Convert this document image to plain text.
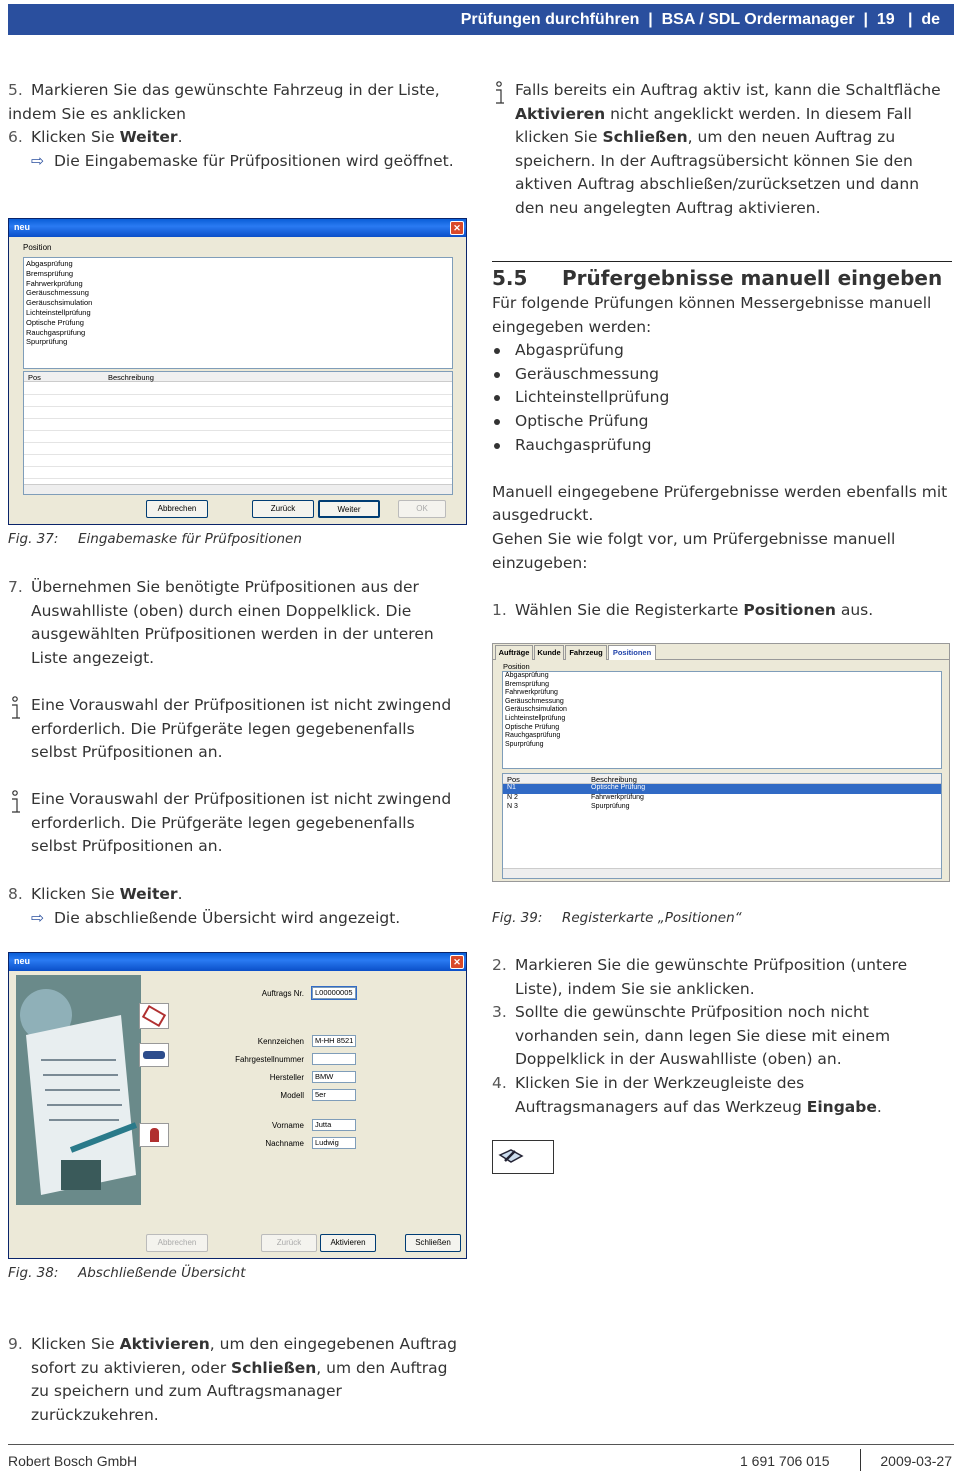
Prüfungen durchführen  |  BSA / SDL Ordermanager  |  19   |  de
5. Markieren Sie das gewünschte Fahrzeug in der Liste, indem Sie es anklicken
6. Klicken Sie Weiter.
⇨ Die Eingabemaske für Prüfpositionen wird geöffnet.
neu	✕
Position
Abgasprüfung
Bremsprüfung
Fahrwerkprüfung
Geräuschmessung
Geräuschsimulation
Lichteinstellprüfung
Optische Prüfung
Rauchgasprüfung
Spurprüfung
Pos	Beschreibung
Abbrechen	Zurück	Weiter	OK
Fig. 37: Eingabemaske für Prüfpositionen
7. Übernehmen Sie benötigte Prüfpositionen aus der Auswahlliste (oben) durch einen Doppelklick. Die ausgewählten Prüfpositionen werden in der unteren Liste angezeigt.
Eine Vorauswahl der Prüfpositionen ist nicht zwingend erforderlich. Die Prüfgeräte legen gegebenenfalls selbst Prüfpositionen an.
Eine Vorauswahl der Prüfpositionen ist nicht zwingend erforderlich. Die Prüfgeräte legen gegebenenfalls selbst Prüfpositionen an.
8. Klicken Sie Weiter.
⇨ Die abschließende Übersicht wird angezeigt.
neu	✕
Auftrags Nr.	L00000005
Kennzeichen	M-HH 8521
Fahrgestellnummer
Hersteller	BMW
Modell	5er
Vorname	Jutta
Nachname	Ludwig
Abbrechen	Zurück	Aktivieren	Schließen
Fig. 38: Abschließende Übersicht
9. Klicken Sie Aktivieren, um den eingegebenen Auftrag sofort zu aktivieren, oder Schließen, um den Auftrag zu speichern und zum Auftragsmanager zurückzukehren.
Falls bereits ein Auftrag aktiv ist, kann die Schaltfläche Aktivieren nicht angeklickt werden. In diesem Fall klicken Sie Schließen, um den neuen Auftrag zu speichern. In der Auftragsübersicht können Sie den aktiven Auftrag abschließen/zurücksetzen und dann den neu angelegten Auftrag aktivieren.
5.5 Prüfergebnisse manuell eingeben
Für folgende Prüfungen können Messergebnisse manuell eingegeben werden:
Abgasprüfung
Geräuschmessung
Lichteinstellprüfung
Optische Prüfung
Rauchgasprüfung
Manuell eingegebene Prüfergebnisse werden ebenfalls mit ausgedruckt.
Gehen Sie wie folgt vor, um Prüfergebnisse manuell einzugeben:
1. Wählen Sie die Registerkarte Positionen aus.
Aufträge	Kunde	Fahrzeug	Positionen
Position
Abgasprüfung
Bremsprüfung
Fahrwerkprüfung
Geräuschmessung
Geräuschsimulation
Lichteinstellprüfung
Optische Prüfung
Rauchgasprüfung
Spurprüfung
Pos	Beschreibung
N1	Optische Prüfung
N 2	Fahrwerkprüfung
N 3	Spurprüfung
Fig. 39: Registerkarte „Positionen“
2. Markieren Sie die gewünschte Prüfposition (untere Liste), indem Sie sie anklicken.
3. Sollte die gewünschte Prüfposition noch nicht vorhanden sein, dann legen Sie diese mit einem Doppelklick in der Auswahlliste (oben) an.
4. Klicken Sie in der Werkzeugleiste des Auftragsmanagers auf das Werkzeug Eingabe.
Robert Bosch GmbH	1 691 706 015	2009-03-27
